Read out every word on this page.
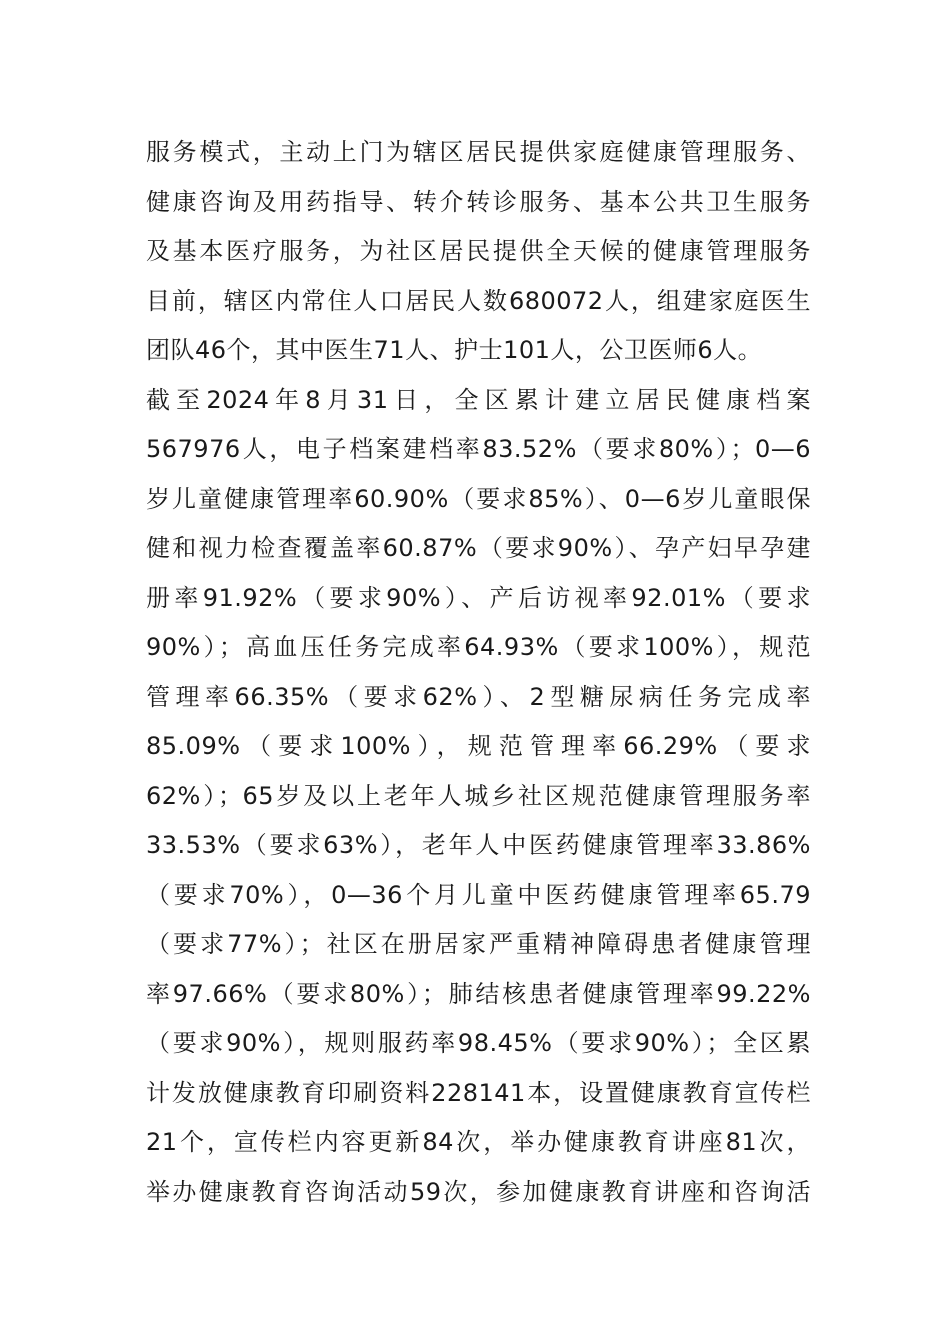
服务模式，主动上门为辖区居民提供家庭健康管理服务、
健康咨询及用药指导、转介转诊服务、基本公共卫生服务
及基本医疗服务，为社区居民提供全天候的健康管理服务
目前，辖区内常住人口居民人数680072人，组建家庭医生
团队46个，其中医生71人、护士101人，公卫医师6人。
截至2024年8月31日，全区累计建立居民健康档案
567976人，电子档案建档率83.52%（要求80%）；0—6
岁儿童健康管理率60.90%（要求85%）、0—6岁儿童眼保
健和视力检查覆盖率60.87%（要求90%）、孕产妇早孕建
册率91.92%（要求90%）、产后访视率92.01%（要求
90%）；高血压任务完成率64.93%（要求100%），规范
管理率66.35%（要求62%）、2型糖尿病任务完成率
85.09%（要求100%），规范管理率66.29%（要求
62%）；65岁及以上老年人城乡社区规范健康管理服务率
33.53%（要求63%），老年人中医药健康管理率33.86%
（要求70%），0—36个月儿童中医药健康管理率65.79
（要求77%）；社区在册居家严重精神障碍患者健康管理
率97.66%（要求80%）；肺结核患者健康管理率99.22%
（要求90%），规则服药率98.45%（要求90%）；全区累
计发放健康教育印刷资料228141本，设置健康教育宣传栏
21个，宣传栏内容更新84次，举办健康教育讲座81次，
举办健康教育咨询活动59次，参加健康教育讲座和咨询活
